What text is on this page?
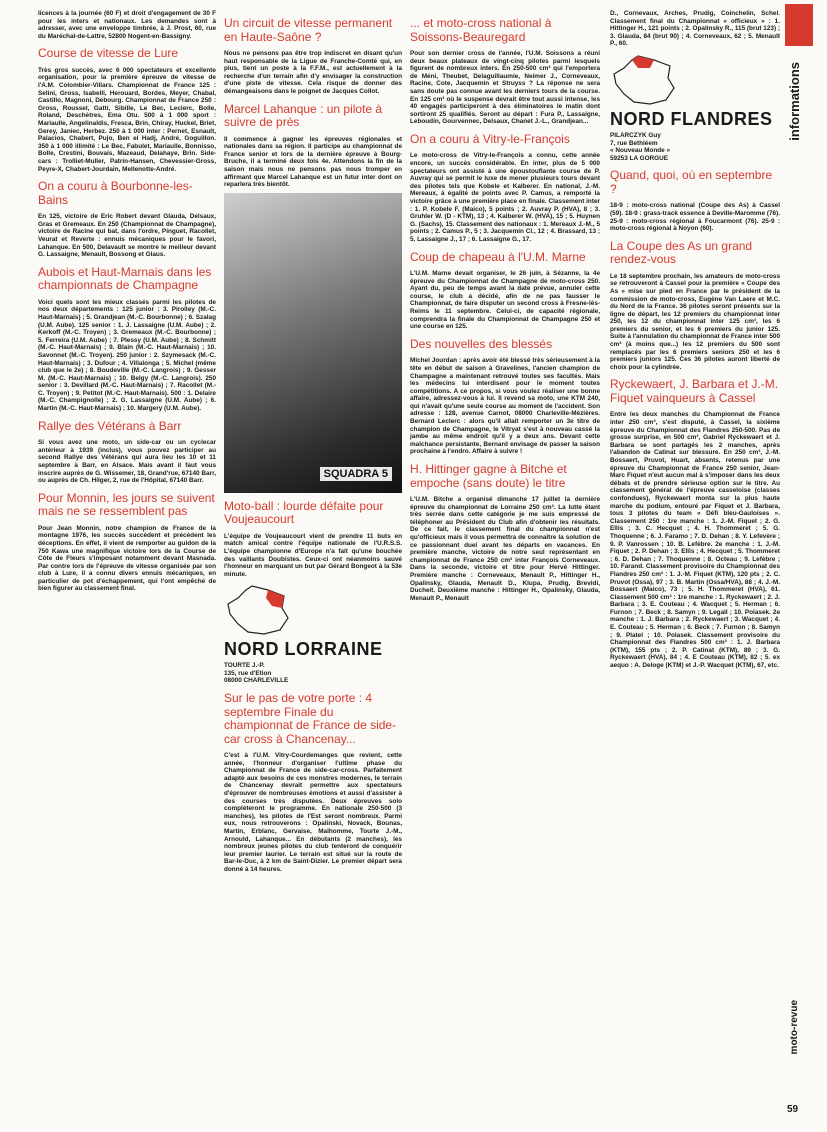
licences à la journée (60 F) et droit d'engagement de 30 F pour les inters et nationaux. Les demandes sont à adresser, avec une enveloppe timbrée, à J. Prost, 60, rue du Maréchal-de-Lattre, 52800 Nogent-en-Bassigny.

Course de vitesse de Lure

Très gros succès, avec 6 000 spectateurs et excellente organisation, pour la première épreuve de vitesse de l'A.M. Colombier-Villars. Championnat de France 125 : Selini, Gross, Isabelli, Herouard, Bordes, Meyer, Chabal, Castillo, Magnoni, Debourg. Championnat de France 250 : Gross, Roussel, Gatti, Sibille, Le Bec, Leclerc, Bolle, Roland, Deschètres, Ema Otu. 500 à 1 000 sport : Mariaulle, Angelinaldis, Fresca, Brin, Chiray, Huckel, Briet, Gerey, Janiec, Herbez. 250 à 1 000 inter : Pernet, Esnault, Palacios, Chabert, Pujo, Ben el Hadj, André, Goguillon. 350 à 1 000 illimité : Le Bec, Fabulet, Mariaulle, Bonnisso, Bolle, Crestini, Bouvais, Mazeaud, Delahaye, Brin. Side-cars : Trolliet-Muller, Patrin-Hansen, Chevessier-Gross, Peyre-X, Chabert-Jourdain, Mellenotte-André.

On a couru à Bourbonne-les-Bains

En 125, victoire de Eric Robert devant Glauda, Delsaux, Gras et Gremeaux. En 250 (Championnat de Champagne), victoire de Racine qui bat, dans l'ordre, Pinguet, Racollet, Veurat et Reverte : ennuis mécaniques pour le favori, Lahanque. En 500, Delavault se montre le meilleur devant G. Lassaigne, Menault, Bossong et Glaus.

Aubois et Haut-Marnais dans les championnats de Champagne

Voici quels sont les mieux classés parmi les pilotes de nos deux départements : 125 junior : 3. Pirolley (M.-C. Haut-Marnais) ; 5. Grandjean (M.-C. Bourbonne) ; 6. Szalag (U.M. Aube). 125 senior : 1. J. Lassaigne (U.M. Aube) ; 2. Kerkoff (M.-C. Troyen) ; 3. Gremeaux (M.-C. Bourbonne) ; 5. Ferreira (U.M. Aube) ; 7. Plessy (U.M. Aube) ; 8. Schmitt (M.-C. Haut-Marnais) ; 9. Blain (M.-C. Haut-Marnais) ; 10. Savonnet (M.-C. Troyen). 250 junior : 2. Szymesack (M.-C. Haut-Marnais) ; 3. Dufour ; 4. Villalonga ; 5. Michel (même club que le 2e) ; 8. Boudeville (M.-C. Langrois) ; 9. Gesser M. (M.-C. Haut-Marnais) ; 10. Belgy (M.-C. Langrois). 250 senior : 3. Devillard (M.-C. Haut-Marnais) ; 7. Racollet (M.-C. Troyen) ; 9. Petitot (M.-C. Haut-Marnais). 500 : 1. Delaire (M.-C. Champignolle) ; 2. G. Lassaigne (U.M. Aube) ; 6. Martin (M.-C. Haut-Marnais) ; 10. Margery (U.M. Aube).

Rallye des Vétérans à Barr

Si vous avez une moto, un side-car ou un cyclecar antérieur à 1939 (inclus), vous pouvez participer au second Rallye des Vétérans qui aura lieu les 10 et 11 septembre à Barr, en Alsace. Mais avant il faut vous inscrire auprès de G. Wissemer, 18, Grand'rue, 67140 Barr, ou auprès de Ch. Hilger, 2, rue de l'Hôpital, 67140 Barr.

Pour Monnin, les jours se suivent mais ne se ressemblent pas

Pour Jean Monnin, notre champion de France de la montagne 1976, les succès succèdent et précèdent les déceptions. En effet, il vient de remporter au guidon de la 750 Kawa une magnifique victoire lors de la Course de Côte de Fleurs s'imposant notamment devant Masnada. Par contre lors de l'épreuve de vitesse organisée par son club à Lure, il a connu divers ennuis mécaniques, en particulier de pot d'échappement, qui l'ont empêché de bien figurer au classement final.

Un circuit de vitesse permanent en Haute-Saône ?

Nous ne pensons pas être trop indiscret en disant qu'un haut responsable de la Ligue de Franche-Comté qui, en plus, tient un poste à la F.F.M., est actuellement à la recherche d'un terrain afin d'y envisager la construction d'une piste de vitesse. Cela risque de donner des démangeaisons dans le poignet de Jacques Collot.

Marcel Lahanque : un pilote à suivre de près

Il commence à gagner les épreuves régionales et nationales dans sa région. Il participe au championnat de France senior et lors de la dernière épreuve à Bourg-Bruche, il a terminé deux fois 4e. Attendons la fin de la saison mais nous ne pensons pas nous tromper en affirmant que Marcel Lahanque est un futur inter dont on reparlera très bientôt.

SQUADRA 5
Moto-ball : lourde défaite pour Voujeaucourt

L'équipe de Voujeaucourt vient de prendre 11 buts en match amical contre l'équipe nationale de l'U.R.S.S. L'équipe championne d'Europe n'a fait qu'une bouchée des vaillants Doubistes. Ceux-ci ont néanmoins sauvé l'honneur en marquant un but par Gérard Bongeot à la 53e minute.

NORD LORRAINE

TOURTE J.-P.

135, rue d'Etion

08000 CHARLEVILLE

Sur le pas de votre porte : 4 septembre Finale du championnat de France de side-car cross à Chancenay...

C'est à l'U.M. Vitry-Courdemanges que revient, cette année, l'honneur d'organiser l'ultime phase du Championnat de France de side-car-cross. Parfaitement adapté aux besoins de ces monstres modernes, le terrain de Chancenay devrait permettre aux spectateurs d'éprouver de nombreuses émotions et aussi d'assister à des courses très disputées. Deux épreuves solo compléteront le programme. En nationale 250-500 (3 manches), les pilotes de l'Est seront nombreux. Parmi eux, nous retrouverons : Opalinski, Novack, Bounas, Martin, Erblanc, Gervaise, Malhomme, Tourte J.-M., Arnould, Lahanque... En débutants (2 manches), les nombreux jeunes pilotes du club tenteront de conquérir leur premier laurier. Le terrain est situé sur la route de Bar-le-Duc, à 2 km de Saint-Dizier. Le premier départ sera donné à 14 heures.

... et moto-cross national à Soissons-Beauregard

Pour son dernier cross de l'année, l'U.M. Soissons a réuni deux beaux plateaux de vingt-cinq pilotes parmi lesquels figurent de nombreux inters. En 250-500 cm³ qui l'emportera de Méni, Theubet, Delaguillaumie, Neimer J., Corneveaux, Racine, Cote, Jacquemin et Struyss ? La réponse ne sera sans doute pas connue avant les derniers tours de la course. En 125 cm³ où le suspense devrait être tout aussi intense, les 40 engagés participeront à des éliminatoires le matin dont sortiront 25 qualifiés. Seront au départ : Fura P., Lassaigne, Leboudin, Gourvennec, Delsaux, Chanet J.-L., Grandjean...

On a couru à Vitry-le-François

Le moto-cross de Vitry-le-François a connu, cette année encore, un succès considérable. En inter, plus de 5 000 spectateurs ont assisté à une époustouflante course de P. Auvray qui se permit le luxe de mener plusieurs tours devant des pilotes tels que Kobele et Kalberer. En national, J.-M. Mereaux, à égalité de points avec P. Camus, a remporté la victoire grâce à une première place en finale. Classement inter : 1. P. Kobele F. (Maico), 5 points ; 2. Auvray P. (HVA), 8 ; 3. Gruhler W. (D - KTM), 13 ; 4. Kalberer W. (HVA), 15 ; 5. Huynen G. (Sachs), 15. Classement des nationaux : 1. Mereaux J.-M., 5 points ; 2. Camus P., 5 ; 3. Jacquemin Cl., 12 ; 4. Brassard, 13 ; 5. Lassaigne J., 17 ; 6. Lassaigne G., 17.

Coup de chapeau à l'U.M. Marne

L'U.M. Marne devait organiser, le 26 juin, à Sézanne, la 4e épreuve du Championnat de Champagne de moto-cross 250. Ayant du, peu de temps avant la date prévue, annuler cette course, le club a décidé, afin de ne pas fausser le Championnat, de faire disputer un second cross à Fresne-lès-Reims le 11 septembre. Celui-ci, de capacité régionale, comprendra la finale du Championnat de Champagne 250 et une course en 125.

Des nouvelles des blessés

Michel Jourdan : après avoir été blessé très sérieusement à la tête en début de saison à Gravelines, l'ancien champion de Champagne a maintenant retrouvé toutes ses facultés. Mais les médecins lui interdisent pour le moment toutes compétitions. A ce propos, si vous voulez réaliser une bonne affaire, adressez-vous à lui. Il revend sa moto, une KTM 240, qui n'avait qu'une seule course au moment de l'accident. Son adresse : 128, avenue Carnot, 08000 Charleville-Mézières. Bernard Leclerc : alors qu'il allait remporter un 3e titre de champion de Champagne, le Vitryat s'est à nouveau cassé la jambe au même endroit qu'il y a deux ans. Devant cette malchance persistante, Bernard envisage de passer la saison prochaine à l'endro. Affaire à suivre !

H. Hittinger gagne à Bitche et empoche (sans doute) le titre

L'U.M. Bitche a organisé dimanche 17 juillet la dernière épreuve du championnat de Lorraine 250 cm³. La lutte étant très serrée dans cette catégorie je me suis empressé de téléphoner au Président du Club afin d'obtenir les résultats. De ce fait, le classement final du championnat n'est qu'officieux mais il vous permettra de connaître la solution de ce passionnant duel avant les départs en vacances. En première manche, victoire de notre seul représentant en championnat de France 250 cm³ inter François Corneveaux. Dans la seconde, victoire et titre pour Hervé Hittinger. Première manche : Corneveaux, Menault P., Hittinger H., Opalinsky, Glauda, Menault D., Klupa, Prudig, Brevidi, Ducheit. Deuxième manche : Hittinger H., Opalinsky, Glauda, Menault P., Menault

D., Cornevaux, Arches, Prudig, Coinchelin, Schel. Classement final du Championnat « officieux » : 1. Hittinger H., 121 points ; 2. Opalinsky R., 115 (brut 123) ; 3. Glauda, 84 (brut 90) ; 4. Corneveaux, 62 ; 5. Menault P., 60.

NORD FLANDRES

PILARCZYK Guy

7, rue Bethléem

« Nouveau Monde »

59253 LA GORGUE

Quand, quoi, où en septembre ?

18-9 : moto-cross national (Coupe des As) à Cassel (59). 18-9 : grass-track essence à Deville-Maromme (76). 25-9 : moto-cross régional à Foucarmont (76). 25-9 : moto-cross régional à Noyon (60).

La Coupe des As un grand rendez-vous

Le 18 septembre prochain, les amateurs de moto-cross se retrouveront à Cassel pour la première « Coupe des As » mise sur pied en France par le président de la commission de moto-cross, Eugène Van Laere et M.C. du Nord de la France. 36 pilotes seront présents sur la ligne de départ, les 12 premiers du championnat inter 250, les 12 du championnat inter 125 cm³, les 6 premiers du senior, et les 6 premiers du junior 125. Suite à l'annulation du championnat de France inter 500 cm³ (à moins que...) les 12 premiers du 500 sont remplacés par les 6 premiers seniors 250 et les 6 premiers juniors 125. Ces 36 pilotes auront liberté de choix pour la cylindrée.

Ryckewaert, J. Barbara et J.-M. Fiquet vainqueurs à Cassel

Entre les deux manches du Championnat de France inter 250 cm³, s'est disputé, à Cassel, la sixième épreuve du Championnat des Flandres 250-500. Pas de grosse surprise, en 500 cm³, Gabriel Ryckewaert et J. Barbara se sont partagés les 2 manches, après l'abandon de Catinat sur blessure. En 250 cm³, J.-M. Bossaert, Pruvot, Huart, absents, retenus par une épreuve du Championnat de France 250 senior, Jean-Marc Fiquet n'eut aucun mal à s'imposer dans les deux débats et de prendre sérieuse option sur le titre. Au classement général de l'épreuve casseloise (classes confondues), Ryckewaert monta sur la plus haute marche du podium, entouré par Fiquet et J. Barbara, tous 3 pilotes du team « Défi bleu-Gauloises ». Classement 250 : 1re manche : 1. J.-M. Fiquet ; 2. G. Ellis ; 3. C. Hecquet ; 4. H. Thommeret ; 5. G. Thoquenne ; 6. J. Faramo ; 7. D. Dehan ; 8. Y. Lefevère ; 9. P. Vanrossen ; 10. B. Lefèbre. 2e manche : 1. J.-M. Fiquet ; 2. P. Dehan ; 3. Ellis ; 4. Hecquet ; 5. Thommeret ; 6. D. Dehan ; 7. Thoquenne ; 8. Octeau ; 9. Lefèbre ; 10. Farand. Classement provisoire du Championnat des Flandres 250 cm³ : 1. J.-M. Fiquet (KTM), 120 pts ; 2. C. Pruvot (Ossa), 97 ; 3. B. Martin (Ossa/HVA), 88 ; 4. J.-M. Bossaert (Maico), 73 ; 5. H. Thommeret (HVA), 61. Classement 500 cm³ : 1re manche : 1. Ryckewaert ; 2. J. Barbara ; 3. E. Couteau ; 4. Wacquet ; 5. Herman ; 6. Furnon ; 7. Beck ; 8. Samyn ; 9. Legall ; 10. Polasek. 2e manche : 1. J. Barbara ; 2. Ryckewaert ; 3. Wacquet ; 4. E. Couteau ; 5. Herman ; 6. Beck ; 7. Furnon ; 8. Samyn ; 9. Platel ; 10. Polasek. Classement provisoire du Championnat des Flandres 500 cm³ : 1. J. Barbara (KTM), 155 pts ; 2. P. Catinat (KTM), 89 ; 3. G. Ryckewaert (HVA), 84 ; 4. E Couteau (KTM), 82 ; 5. ex aequo : A. Deloge (KTM) et J.-P. Wacquet (KTM), 67, etc.

informations
moto-revue
59
